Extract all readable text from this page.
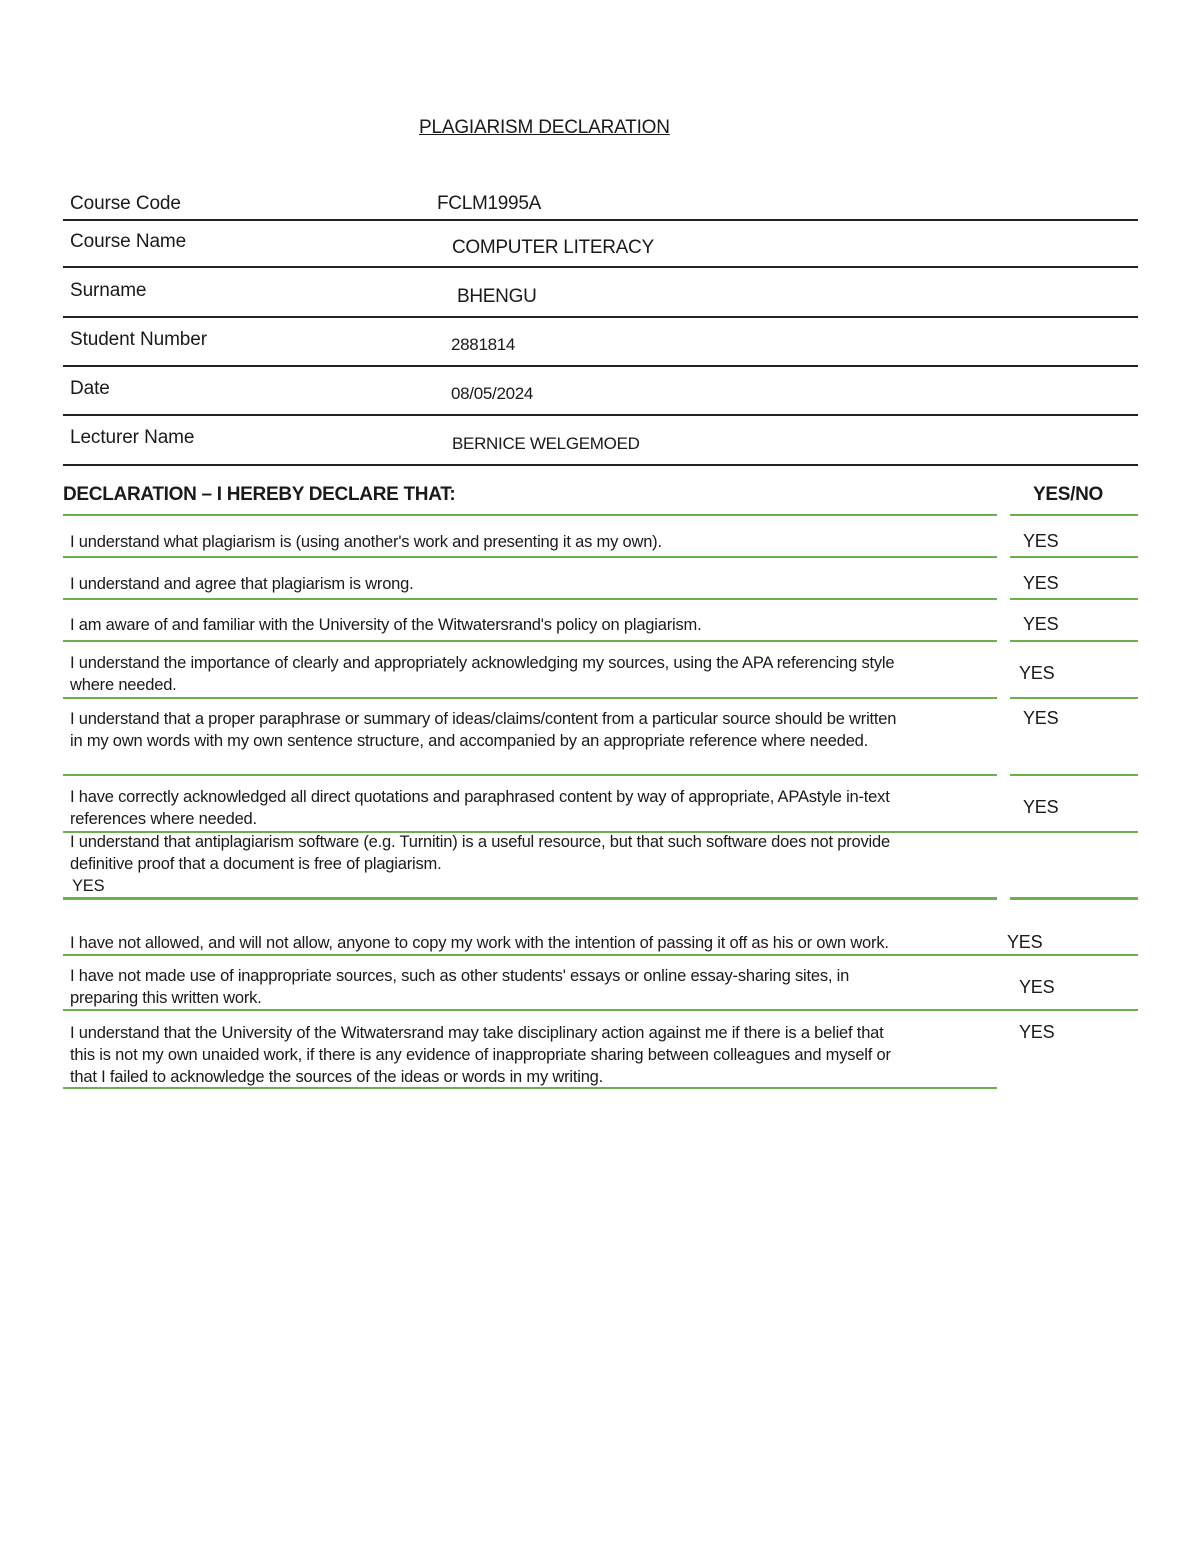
PLAGIARISM DECLARATION
Course Code	FCLM1995A
Course Name	COMPUTER LITERACY
Surname	BHENGU
Student Number	2881814
Date	08/05/2024
Lecturer Name	BERNICE WELGEMOED
DECLARATION – I HEREBY DECLARE THAT:	YES/NO
I understand what plagiarism is (using another's work and presenting it as my own).	YES
I understand and agree that plagiarism is wrong.	YES
I am aware of and familiar with the University of the Witwatersrand's policy on plagiarism.	YES
I understand the importance of clearly and appropriately acknowledging my sources, using the APA referencing style
where needed.
YES
I understand that a proper paraphrase or summary of ideas/claims/content from a particular source should be written
in my own words with my own sentence structure, and accompanied by an appropriate reference where needed.
YES
I have correctly acknowledged all direct quotations and paraphrased content by way of appropriate, APAstyle in-text
references where needed.
YES
I understand that antiplagiarism software (e.g. Turnitin) is a useful resource, but that such software does not provide
definitive proof that a document is free of plagiarism.
YES
I have not allowed, and will not allow, anyone to copy my work with the intention of passing it off as his or own work.	YES
I have not made use of inappropriate sources, such as other students' essays or online essay-sharing sites, in
preparing this written work.
YES
I understand that the University of the Witwatersrand may take disciplinary action against me if there is a belief that
this is not my own unaided work, if there is any evidence of inappropriate sharing between colleagues and myself or
that I failed to acknowledge the sources of the ideas or words in my writing.
YES
